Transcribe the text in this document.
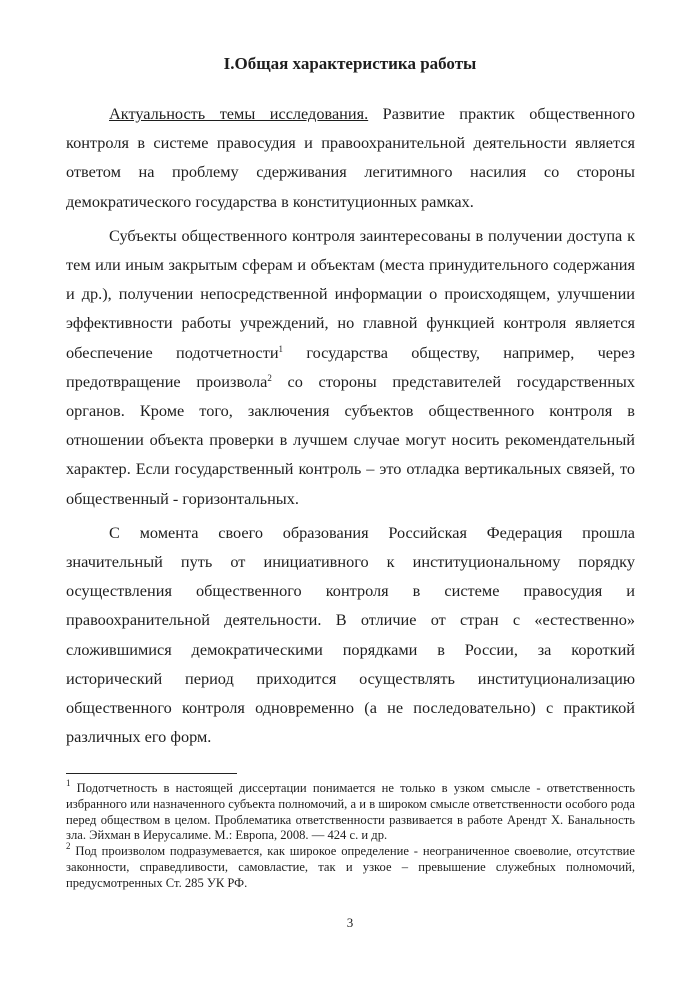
I.Общая характеристика работы

Актуальность темы исследования. Развитие практик общественного контроля в системе правосудия и правоохранительной деятельности является ответом на проблему сдерживания легитимного насилия со стороны демократического государства в конституционных рамках.

Субъекты общественного контроля заинтересованы в получении доступа к тем или иным закрытым сферам и объектам (места принудительного содержания и др.), получении непосредственной информации о происходящем, улучшении эффективности работы учреждений, но главной функцией контроля является обеспечение подотчетности$^1$ государства обществу, например, через предотвращение произвола$^2$ со стороны представителей государственных органов. Кроме того, заключения субъектов общественного контроля в отношении объекта проверки в лучшем случае могут носить рекомендательный характер. Если государственный контроль – это отладка вертикальных связей, то общественный - горизонтальных.

С момента своего образования Российская Федерация прошла значительный путь от инициативного к институциональному порядку осуществления общественного контроля в системе правосудия и правоохранительной деятельности. В отличие от стран с «естественно» сложившимися демократическими порядками в России, за короткий исторический период приходится осуществлять институционализацию общественного контроля одновременно (а не последовательно) с практикой различных его форм.

$^1$ Подотчетность в настоящей диссертации понимается не только в узком смысле - ответственность избранного или назначенного субъекта полномочий, а и в широком смысле ответственности особого рода перед обществом в целом. Проблематика ответственности развивается в работе Арендт Х. Банальность зла. Эйхман в Иерусалиме. М.: Европа, 2008. — 424 с. и др.

$^2$ Под произволом подразумевается, как широкое определение - неограниченное своеволие, отсутствие законности, справедливости, самовластие, так и узкое – превышение служебных полномочий, предусмотренных Ст. 285 УК РФ.

3
